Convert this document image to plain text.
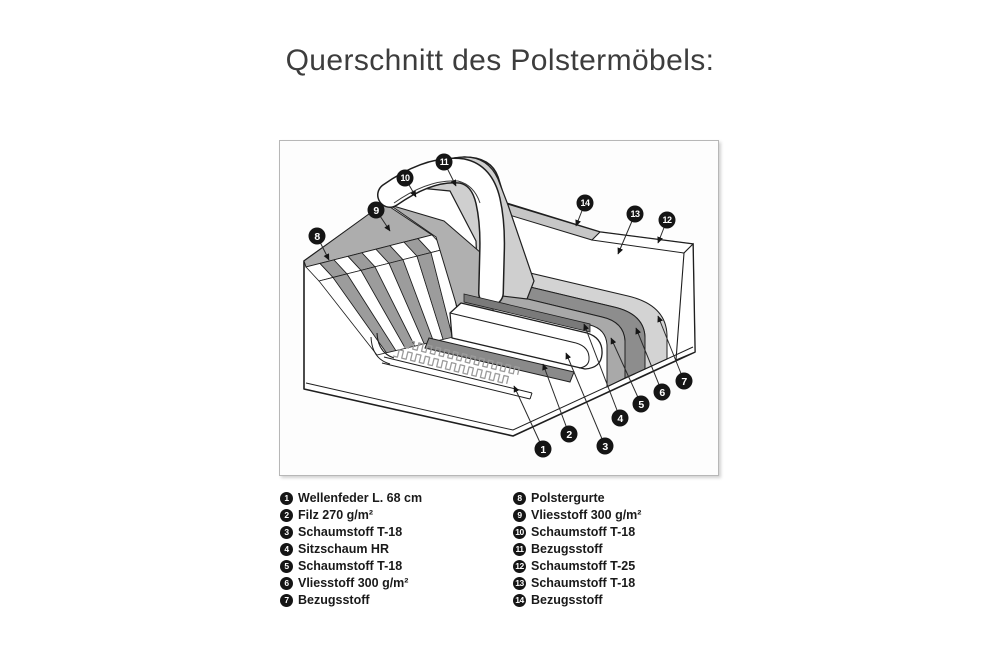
Querschnitt des Polstermöbels:
1
2
3
4
5
6
7
8
9
10
11
12
13
14
1 Wellenfeder L. 68 cm
2 Filz 270 g/m²
3 Schaumstoff T-18
4 Sitzschaum HR
5 Schaumstoff T-18
6 Vliesstoff 300 g/m²
7 Bezugsstoff
8 Polstergurte
9 Vliesstoff 300 g/m²
10 Schaumstoff T-18
11 Bezugsstoff
12 Schaumstoff T-25
13 Schaumstoff T-18
14 Bezugsstoff
